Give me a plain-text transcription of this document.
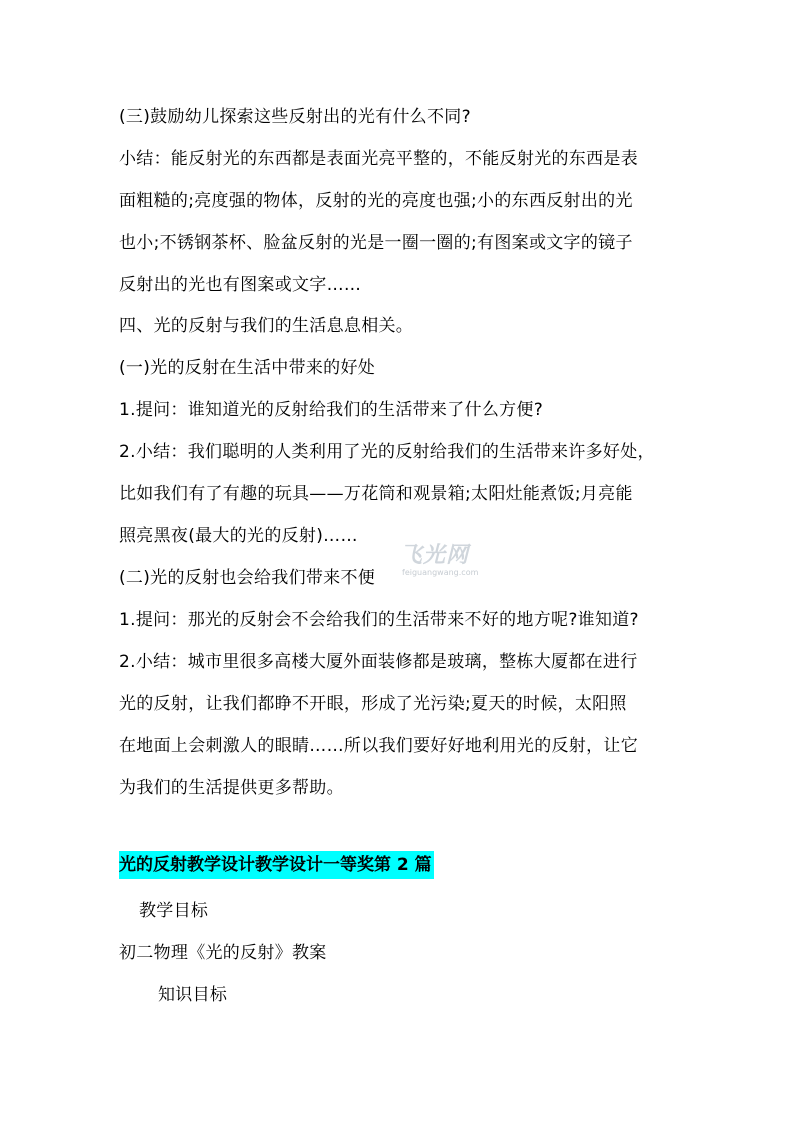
(三)鼓励幼儿探索这些反射出的光有什么不同?
小结：能反射光的东西都是表面光亮平整的，不能反射光的东西是表
面粗糙的;亮度强的物体，反射的光的亮度也强;小的东西反射出的光
也小;不锈钢茶杯、脸盆反射的光是一圈一圈的;有图案或文字的镜子
反射出的光也有图案或文字……
四、光的反射与我们的生活息息相关。
(一)光的反射在生活中带来的好处
1.提问：谁知道光的反射给我们的生活带来了什么方便?
2.小结：我们聪明的人类利用了光的反射给我们的生活带来许多好处，
比如我们有了有趣的玩具——万花筒和观景箱;太阳灶能煮饭;月亮能
照亮黑夜(最大的光的反射)……
(二)光的反射也会给我们带来不便
1.提问：那光的反射会不会给我们的生活带来不好的地方呢?谁知道?
2.小结：城市里很多高楼大厦外面装修都是玻璃，整栋大厦都在进行
光的反射，让我们都睁不开眼，形成了光污染;夏天的时候，太阳照
在地面上会刺激人的眼睛……所以我们要好好地利用光的反射，让它
为我们的生活提供更多帮助。
光的反射教学设计教学设计一等奖第 2 篇
教学目标
初二物理《光的反射》教案
知识目标
飞光网
feiguangwang.com
